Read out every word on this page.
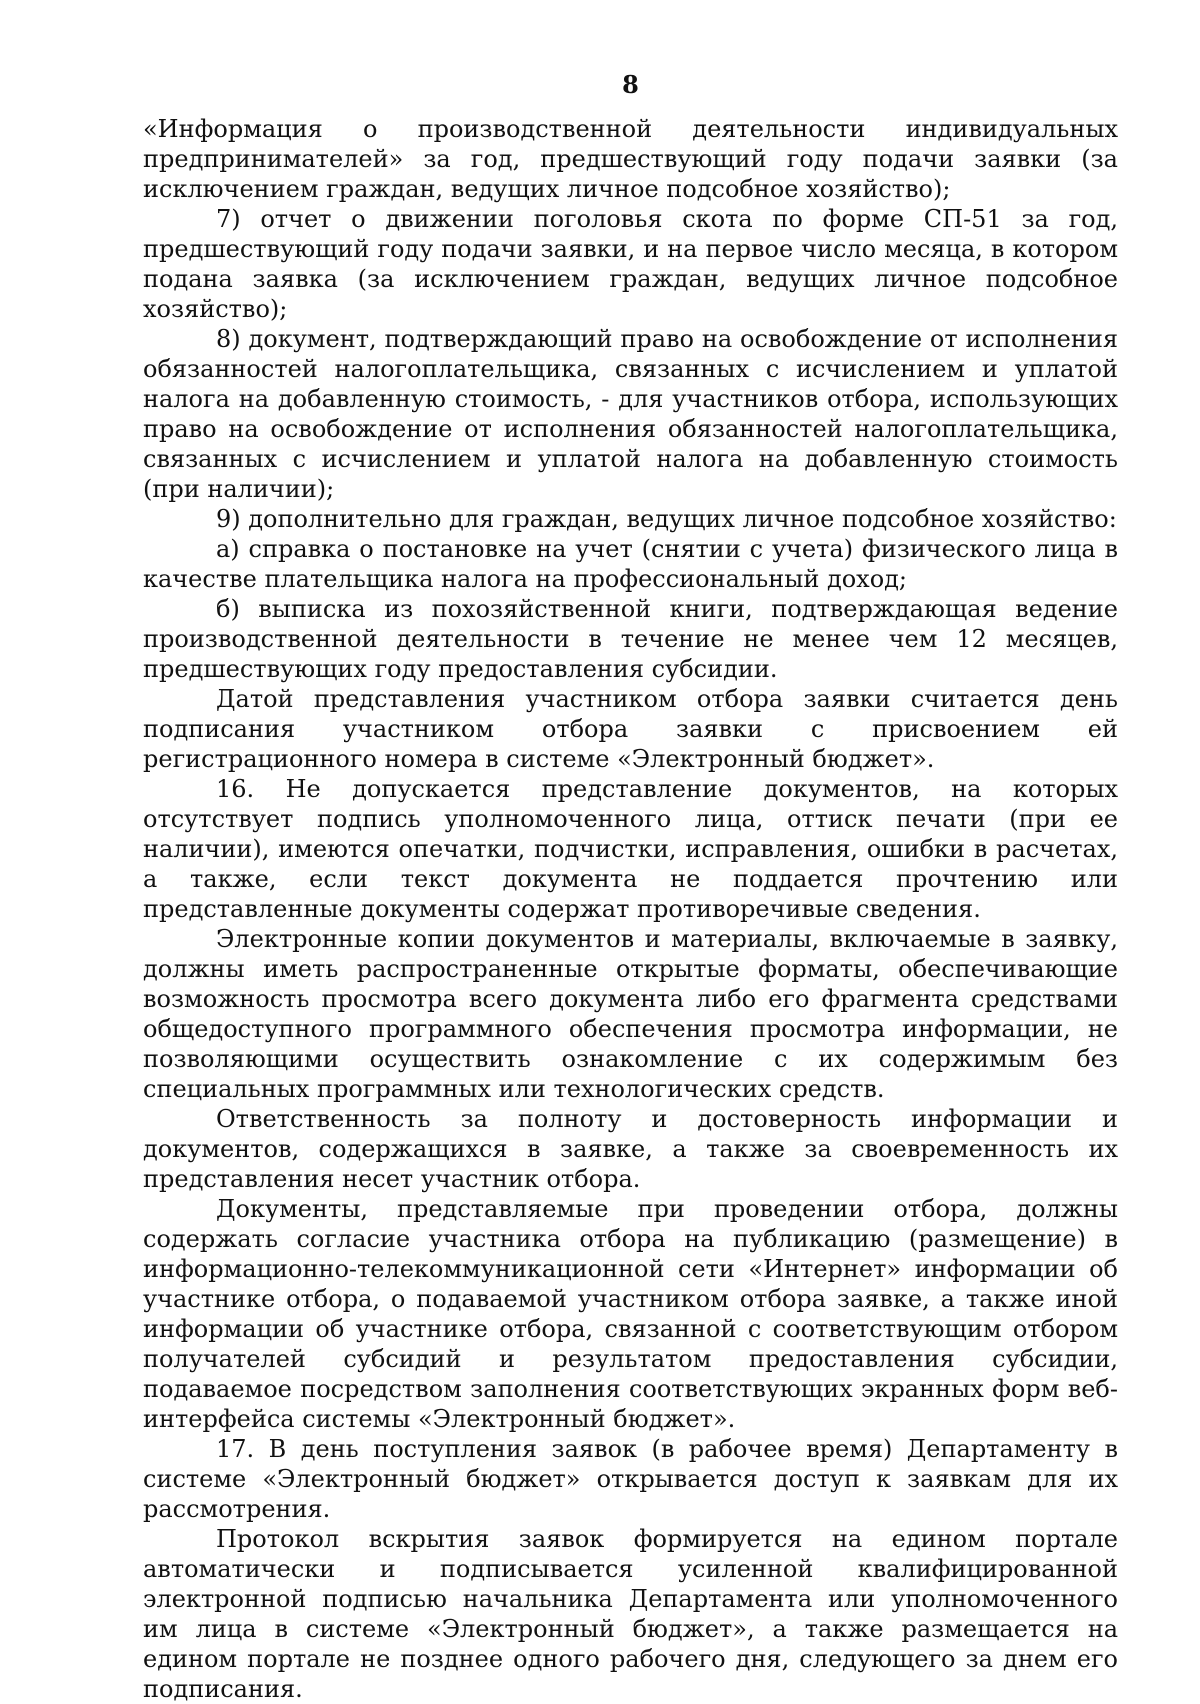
8

«Информация о производственной деятельности индивидуальных предпринимателей» за год, предшествующий году подачи заявки (за исключением граждан, ведущих личное подсобное хозяйство);

7) отчет о движении поголовья скота по форме СП-51 за год, предшествующий году подачи заявки, и на первое число месяца, в котором подана заявка (за исключением граждан, ведущих личное подсобное хозяйство);

8) документ, подтверждающий право на освобождение от исполнения обязанностей налогоплательщика, связанных с исчислением и уплатой налога на добавленную стоимость, - для участников отбора, использующих право на освобождение от исполнения обязанностей налогоплательщика, связанных с исчислением и уплатой налога на добавленную стоимость (при наличии);

9) дополнительно для граждан, ведущих личное подсобное хозяйство:

а) справка о постановке на учет (снятии с учета) физического лица в качестве плательщика налога на профессиональный доход;

б) выписка из похозяйственной книги, подтверждающая ведение производственной деятельности в течение не менее чем 12 месяцев, предшествующих году предоставления субсидии.

Датой представления участником отбора заявки считается день подписания участником отбора заявки с присвоением ей регистрационного номера в системе «Электронный бюджет».

16. Не допускается представление документов, на которых отсутствует подпись уполномоченного лица, оттиск печати (при ее наличии), имеются опечатки, подчистки, исправления, ошибки в расчетах, а также, если текст документа не поддается прочтению или представленные документы содержат противоречивые сведения.

Электронные копии документов и материалы, включаемые в заявку, должны иметь распространенные открытые форматы, обеспечивающие возможность просмотра всего документа либо его фрагмента средствами общедоступного программного обеспечения просмотра информации, не позволяющими осуществить ознакомление с их содержимым без специальных программных или технологических средств.

Ответственность за полноту и достоверность информации и документов, содержащихся в заявке, а также за своевременность их представления несет участник отбора.

Документы, представляемые при проведении отбора, должны содержать согласие участника отбора на публикацию (размещение) в информационно-телекоммуникационной сети «Интернет» информации об участнике отбора, о подаваемой участником отбора заявке, а также иной информации об участнике отбора, связанной с соответствующим отбором получателей субсидий и результатом предоставления субсидии, подаваемое посредством заполнения соответствующих экранных форм веб-интерфейса системы «Электронный бюджет».

17. В день поступления заявок (в рабочее время) Департаменту в системе «Электронный бюджет» открывается доступ к заявкам для их рассмотрения.

Протокол вскрытия заявок формируется на едином портале автоматически и подписывается усиленной квалифицированной электронной подписью начальника Департамента или уполномоченного им лица в системе «Электронный бюджет», а также размещается на едином портале не позднее одного рабочего дня, следующего за днем его подписания.
